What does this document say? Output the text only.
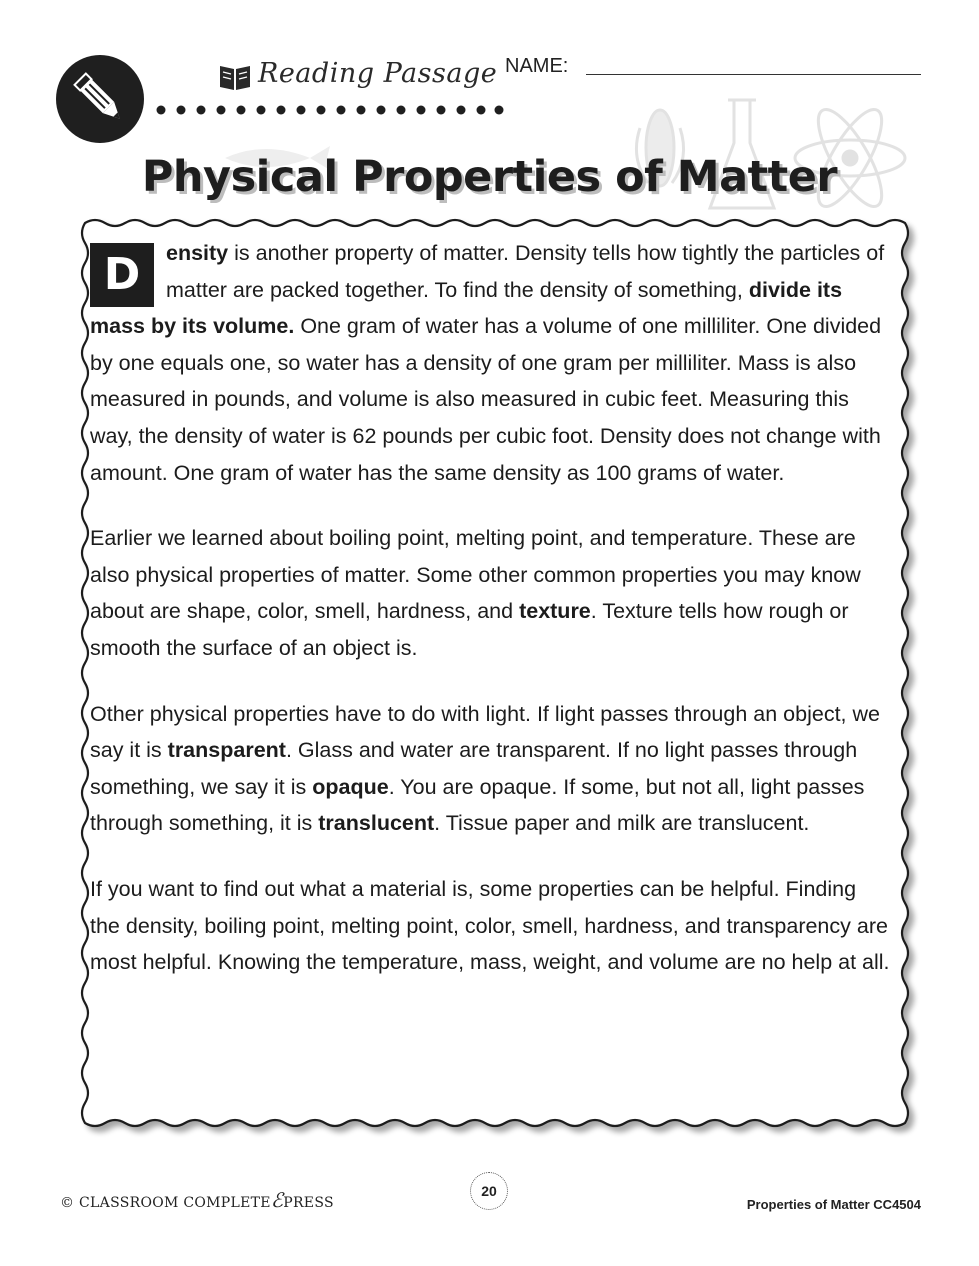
Reading Passage NAME:
Physical Properties of Matter

D	ensity is another property of matter. Density tells how tightly the particles of matter are packed together. To find the density of something, divide its mass by its volume. One gram of water has a volume of one milliliter. One divided by one equals one, so water has a density of one gram per milliliter. Mass is also measured in pounds, and volume is also measured in cubic feet. Measuring this way, the density of water is 62 pounds per cubic foot. Density does not change with amount. One gram of water has the same density as 100 grams of water.

Earlier we learned about boiling point, melting point, and temperature. These are also physical properties of matter. Some other common properties you may know about are shape, color, smell, hardness, and texture. Texture tells how rough or smooth the surface of an object is.

Other physical properties have to do with light. If light passes through an object, we say it is transparent. Glass and water are transparent. If no light passes through something, we say it is opaque. You are opaque. If some, but not all, light passes through something, it is translucent. Tissue paper and milk are translucent.

If you want to find out what a material is, some properties can be helpful. Finding the density, boiling point, melting point, color, smell, hardness, and transparency are most helpful. Knowing the temperature, mass, weight, and volume are no help at all.

© CLASSROOM COMPLETEℰPRESS
20
Properties of Matter CC4504
